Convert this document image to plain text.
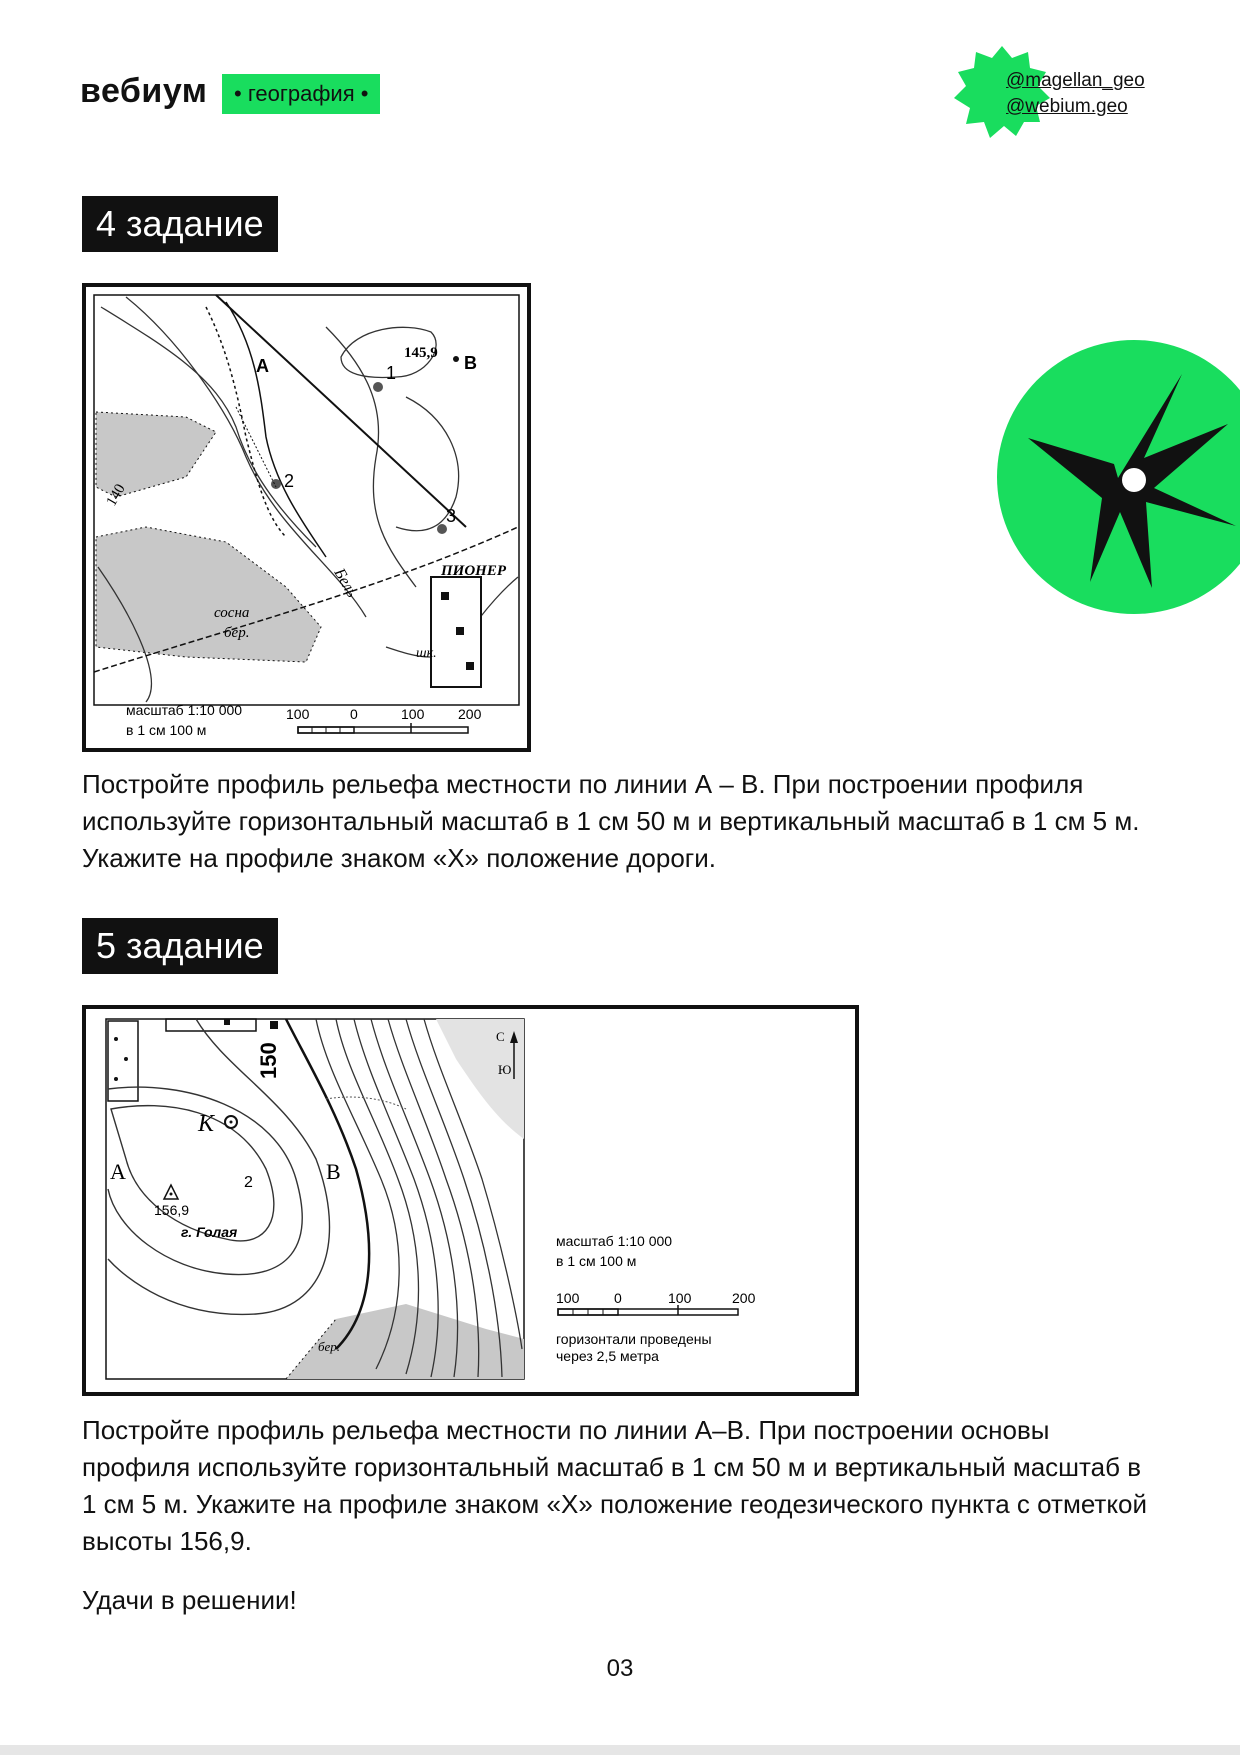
вебиум	• география •
@magellan_geo
@webium.geo
4 задание
A	B
145,9
1
2
3
140
Бель	ПИОНЕР
сосна
бер.
шк.
масштаб 1:10 000
в 1 см 100 м
100	0	100 200
Постройте профиль рельефа местности по линии А – В. При построении профиля используйте горизонтальный масштаб в 1 см 50 м и вертикальный масштаб в 1 см 5 м. Укажите на профиле знаком «Х» положение дороги.
5 задание
150
K
A	B
2
156,9
г. Голая
бер.
С
Ю
масштаб 1:10 000
в 1 см 100 м
100 0	100	200
горизонтали проведены
через 2,5 метра
Постройте профиль рельефа местности по линии А–В. При построении основы профиля используйте горизонтальный масштаб в 1 см 50 м и вертикальный масштаб в 1 см 5 м. Укажите на профиле знаком «Х» положение геодезического пункта с отметкой высоты 156,9.
Удачи в решении!
03
